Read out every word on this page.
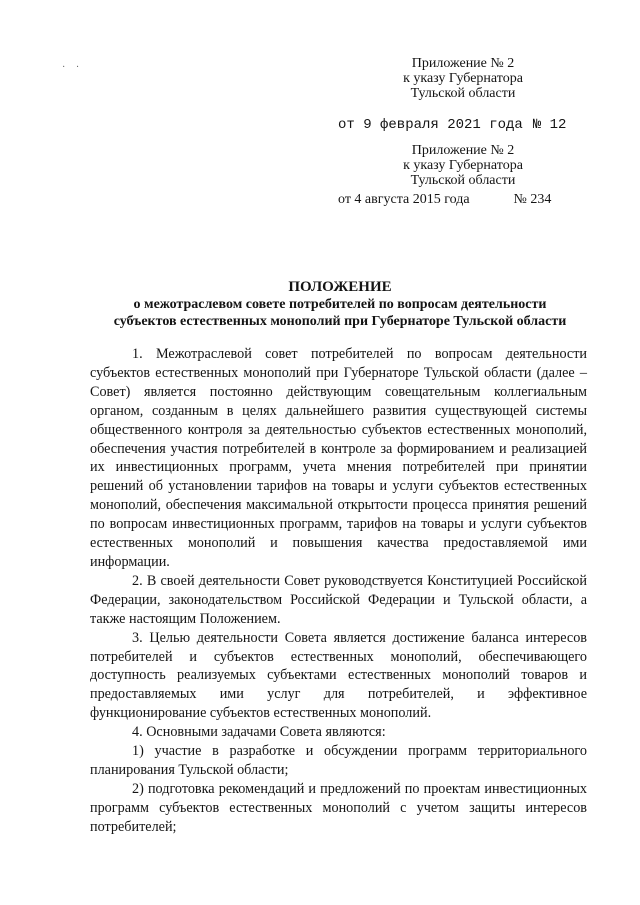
· ·	Приложение № 2
к указу Губернатора
Тульской области
от 9 февраля 2021 года № 12
Приложение № 2
к указу Губернатора
Тульской области
от 4 августа 2015 года	№ 234
ПОЛОЖЕНИЕ
о межотраслевом совете потребителей по вопросам деятельности
субъектов естественных монополий при Губернаторе Тульской области

1. Межотраслевой совет потребителей по вопросам деятельности субъектов естественных монополий при Губернаторе Тульской области (далее – Совет) является постоянно действующим совещательным коллегиальным органом, созданным в целях дальнейшего развития существующей системы общественного контроля за деятельностью субъектов естественных монополий, обеспечения участия потребителей в контроле за формированием и реализацией их инвестиционных программ, учета мнения потребителей при принятии решений об установлении тарифов на товары и услуги субъектов естественных монополий, обеспечения максимальной открытости процесса принятия решений по вопросам инвестиционных программ, тарифов на товары и услуги субъектов естественных монополий и повышения качества предоставляемой ими информации.

2. В своей деятельности Совет руководствуется Конституцией Российской Федерации, законодательством Российской Федерации и Тульской области, а также настоящим Положением.

3. Целью деятельности Совета является достижение баланса интересов потребителей и субъектов естественных монополий, обеспечивающего доступность реализуемых субъектами естественных монополий товаров и предоставляемых ими услуг для потребителей, и эффективное функционирование субъектов естественных монополий.

4. Основными задачами Совета являются:

1) участие в разработке и обсуждении программ территориального планирования Тульской области;

2) подготовка рекомендаций и предложений по проектам инвестиционных программ субъектов естественных монополий с учетом защиты интересов потребителей;
